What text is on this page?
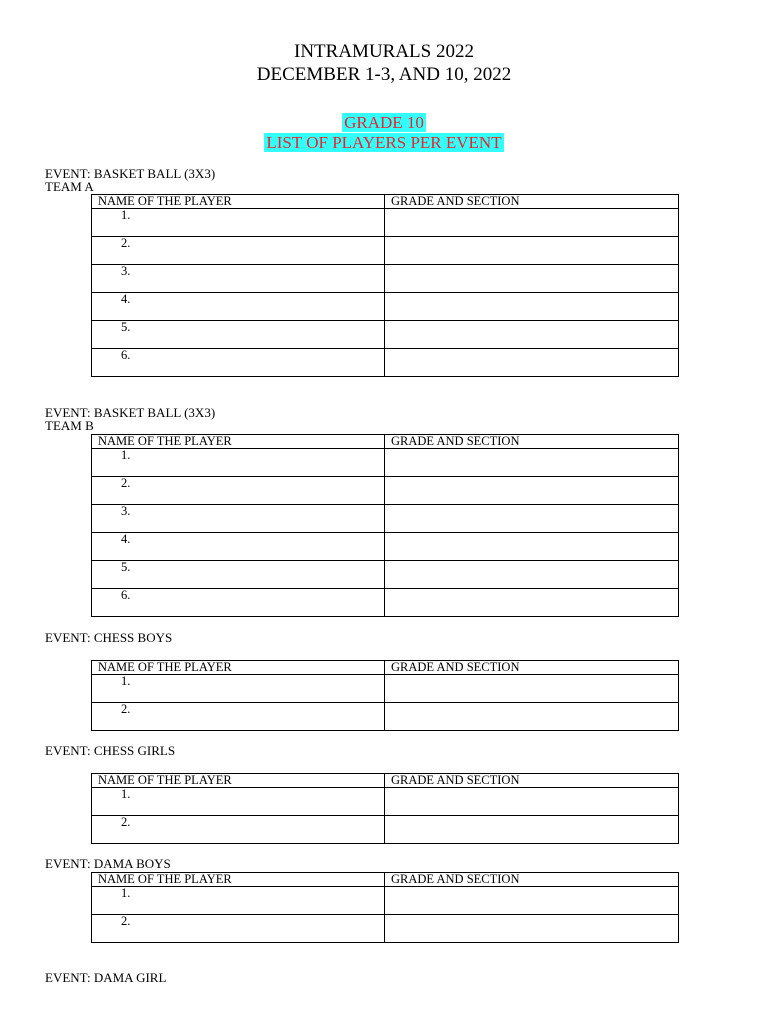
INTRAMURALS 2022
DECEMBER 1-3, AND 10, 2022
GRADE 10
LIST OF PLAYERS PER EVENT
EVENT: BASKET BALL (3X3)
TEAM A
NAME OF THE PLAYER	GRADE AND SECTION
1.	
2.	
3.	
4.	
5.	
6.	
EVENT: BASKET BALL (3X3)
TEAM B
NAME OF THE PLAYER	GRADE AND SECTION
1.	
2.	
3.	
4.	
5.	
6.	
EVENT: CHESS BOYS
NAME OF THE PLAYER	GRADE AND SECTION
1.	
2.	
EVENT: CHESS GIRLS
NAME OF THE PLAYER	GRADE AND SECTION
1.	
2.	
EVENT: DAMA BOYS
NAME OF THE PLAYER	GRADE AND SECTION
1.	
2.	
EVENT: DAMA GIRL
